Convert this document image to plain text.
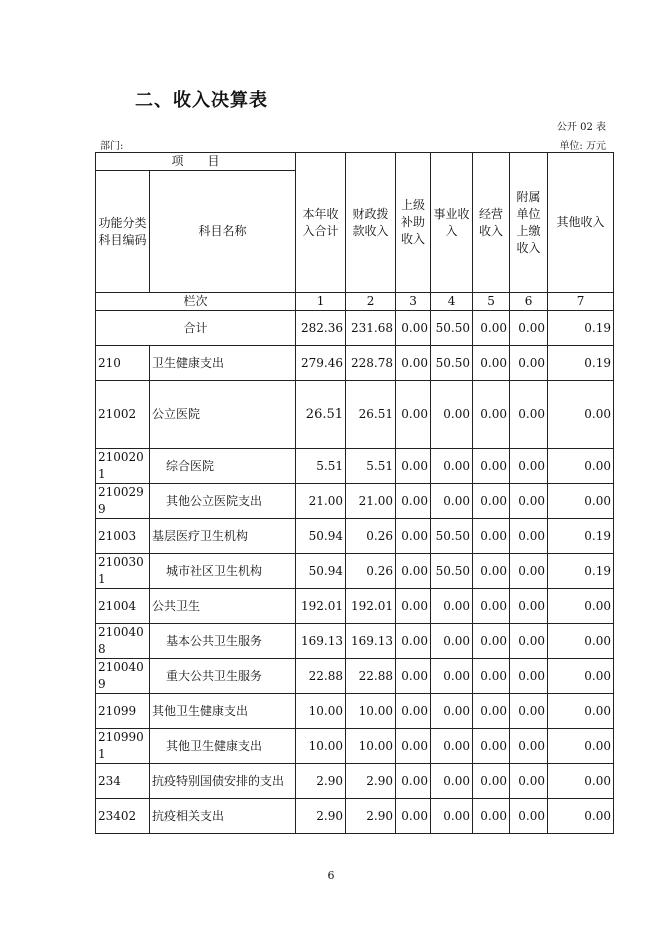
二、收入决算表
公开 02 表
部门:	单位: 万元
项　　目		本年收入合计	财政拨款收入	上级补助收入	事业收入	经营收入	附属单位上缴收入	其他收入
功能分类科目编码	科目名称							
栏次		1	2	3	4	5	6	7
合计		282.36	231.68	0.00	50.50	0.00	0.00	0.19
210	卫生健康支出	279.46	228.78	0.00	50.50	0.00	0.00	0.19
21002	公立医院	26.51	26.51	0.00	0.00	0.00	0.00	0.00
2100201	综合医院	5.51	5.51	0.00	0.00	0.00	0.00	0.00
2100299	其他公立医院支出	21.00	21.00	0.00	0.00	0.00	0.00	0.00
21003	基层医疗卫生机构	50.94	0.26	0.00	50.50	0.00	0.00	0.19
2100301	城市社区卫生机构	50.94	0.26	0.00	50.50	0.00	0.00	0.19
21004	公共卫生	192.01	192.01	0.00	0.00	0.00	0.00	0.00
2100408	基本公共卫生服务	169.13	169.13	0.00	0.00	0.00	0.00	0.00
2100409	重大公共卫生服务	22.88	22.88	0.00	0.00	0.00	0.00	0.00
21099	其他卫生健康支出	10.00	10.00	0.00	0.00	0.00	0.00	0.00
2109901	其他卫生健康支出	10.00	10.00	0.00	0.00	0.00	0.00	0.00
234	抗疫特别国债安排的支出	2.90	2.90	0.00	0.00	0.00	0.00	0.00
23402	抗疫相关支出	2.90	2.90	0.00	0.00	0.00	0.00	0.00
6
